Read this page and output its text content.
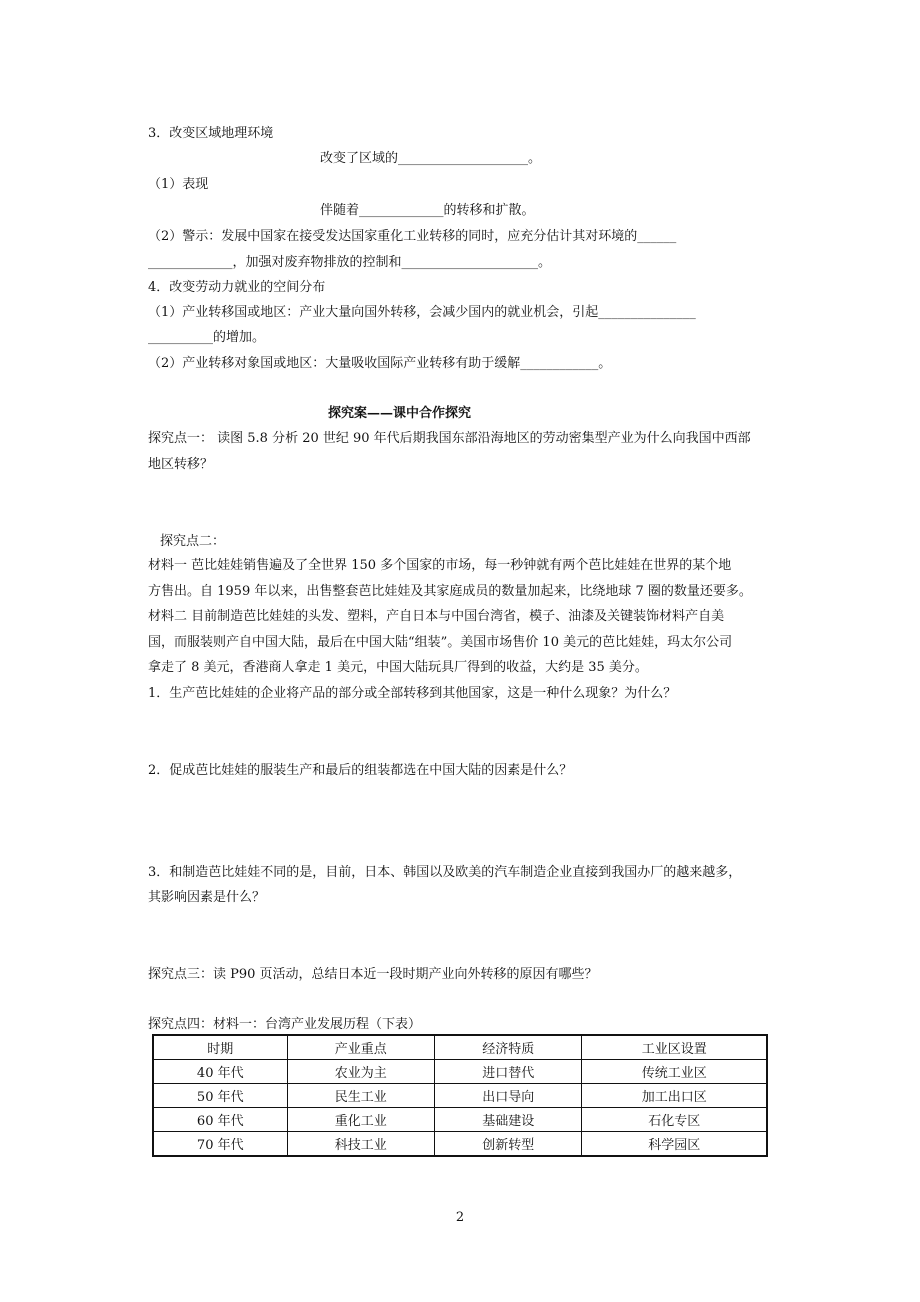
3．改变区域地理环境
改变了区域的____________________。
（1）表现
伴随着_____________的转移和扩散。
（2）警示：发展中国家在接受发达国家重化工业转移的同时，应充分估计其对环境的______
_____________，加强对废弃物排放的控制和_____________________。
4．改变劳动力就业的空间分布
（1）产业转移国或地区：产业大量向国外转移，会减少国内的就业机会，引起_______________
__________的增加。
（2）产业转移对象国或地区：大量吸收国际产业转移有助于缓解____________。
探究案——课中合作探究
探究点一： 读图 5.8 分析 20 世纪 90 年代后期我国东部沿海地区的劳动密集型产业为什么向我国中西部
地区转移？
探究点二：
材料一 芭比娃娃销售遍及了全世界 150 多个国家的市场，每一秒钟就有两个芭比娃娃在世界的某个地
方售出。自 1959 年以来，出售整套芭比娃娃及其家庭成员的数量加起来，比绕地球 7 圈的数量还要多。
材料二 目前制造芭比娃娃的头发、塑料，产自日本与中国台湾省，模子、油漆及关键装饰材料产自美
国，而服装则产自中国大陆，最后在中国大陆“组装”。美国市场售价 10 美元的芭比娃娃，玛太尔公司
拿走了 8 美元，香港商人拿走 1 美元，中国大陆玩具厂得到的收益，大约是 35 美分。
1．生产芭比娃娃的企业将产品的部分或全部转移到其他国家，这是一种什么现象？为什么？
2．促成芭比娃娃的服装生产和最后的组装都选在中国大陆的因素是什么？
3．和制造芭比娃娃不同的是，目前，日本、韩国以及欧美的汽车制造企业直接到我国办厂的越来越多，
其影响因素是什么？
探究点三：读 P90 页活动，总结日本近一段时期产业向外转移的原因有哪些？
探究点四：材料一：台湾产业发展历程（下表）
时期	产业重点	经济特质	工业区设置
40 年代	农业为主	进口替代	传统工业区
50 年代	民生工业	出口导向	加工出口区
60 年代	重化工业	基础建设	石化专区
70 年代	科技工业	创新转型	科学园区
2
